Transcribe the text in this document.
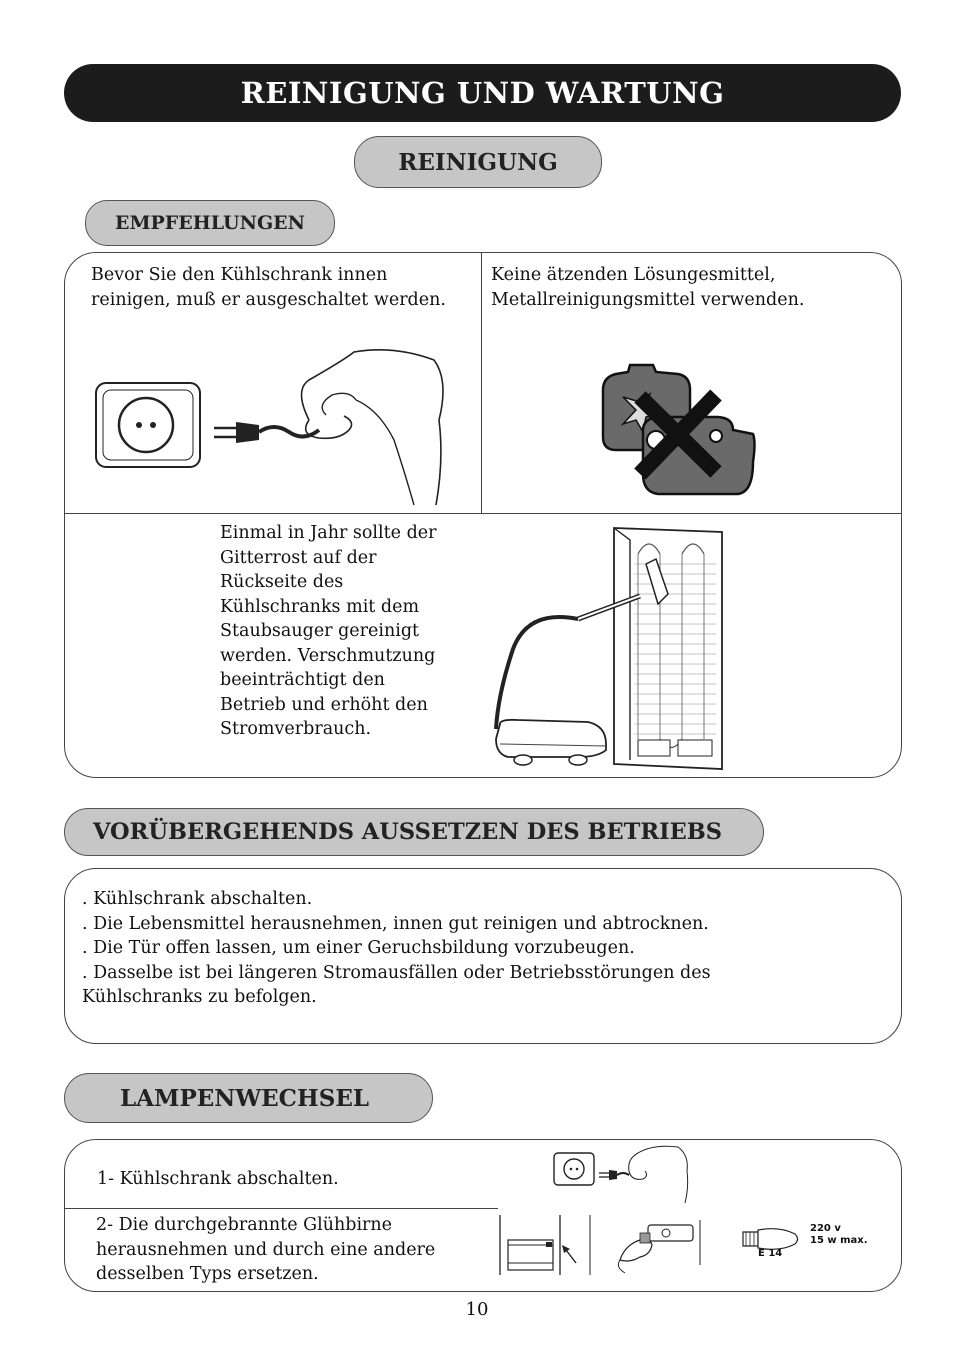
REINIGUNG UND WARTUNG
REINIGUNG
EMPFEHLUNGEN
Bevor Sie den Kühlschrank innen
reinigen, muß er ausgeschaltet werden.
Keine ätzenden Lösungesmittel,
Metallreinigungsmittel verwenden.
Einmal in Jahr sollte der
Gitterrost auf der
Rückseite des
Kühlschranks mit dem
Staubsauger gereinigt
werden. Verschmutzung
beeinträchtigt den
Betrieb und erhöht den
Stromverbrauch.
VORÜBERGEHENDS AUSSETZEN DES BETRIEBS
. Kühlschrank abschalten.
. Die Lebensmittel herausnehmen, innen gut reinigen und abtrocknen.
. Die Tür offen lassen, um einer Geruchsbildung vorzubeugen.
. Dasselbe ist bei längeren Stromausfällen oder Betriebsstörungen des
Kühlschranks zu befolgen.
LAMPENWECHSEL
1- Kühlschrank abschalten.
2- Die durchgebrannte Glühbirne
herausnehmen und durch eine andere
desselben Typs ersetzen.
220 v
15 w max.
E 14
10
